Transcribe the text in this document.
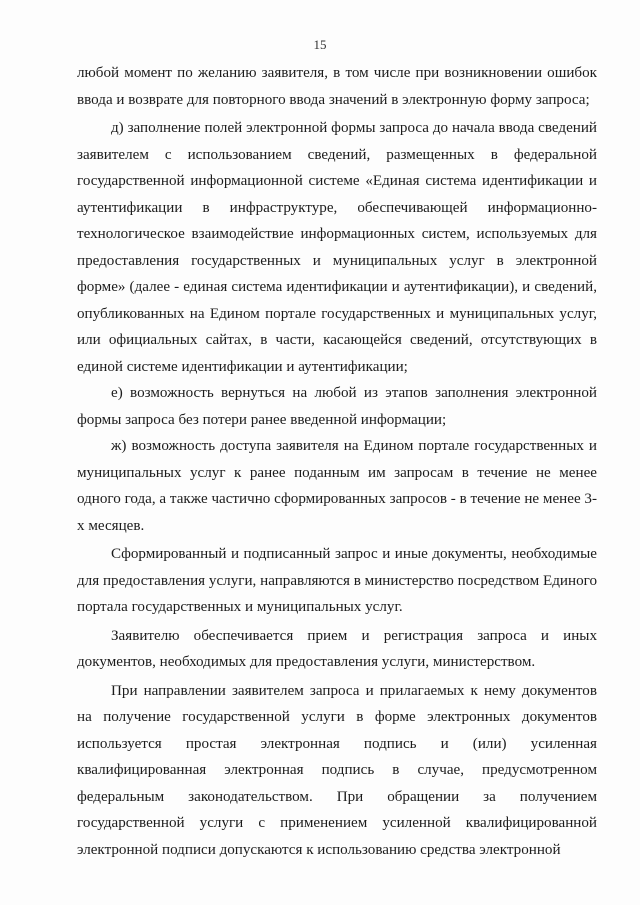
15

любой момент по желанию заявителя, в том числе при возникновении ошибок ввода и возврате для повторного ввода значений в электронную форму запроса;

д) заполнение полей электронной формы запроса до начала ввода сведений заявителем с использованием сведений, размещенных в федеральной государственной информационной системе «Единая система идентификации и аутентификации в инфраструктуре, обеспечивающей информационно-технологическое взаимодействие информационных систем, используемых для предоставления государственных и муниципальных услуг в электронной форме» (далее - единая система идентификации и аутентификации), и сведений, опубликованных на Едином портале государственных и муниципальных услуг, или официальных сайтах, в части, касающейся сведений, отсутствующих в единой системе идентификации и аутентификации;

е) возможность вернуться на любой из этапов заполнения электронной формы запроса без потери ранее введенной информации;

ж) возможность доступа заявителя на Едином портале государственных и муниципальных услуг к ранее поданным им запросам в течение не менее одного года, а также частично сформированных запросов - в течение не менее 3-х месяцев.

Сформированный и подписанный запрос и иные документы, необходимые для предоставления услуги, направляются в министерство посредством Единого портала государственных и муниципальных услуг.

Заявителю обеспечивается прием и регистрация запроса и иных документов, необходимых для предоставления услуги, министерством.

При направлении заявителем запроса и прилагаемых к нему документов на получение государственной услуги в форме электронных документов используется простая электронная подпись и (или) усиленная квалифицированная электронная подпись в случае, предусмотренном федеральным законодательством. При обращении за получением государственной услуги с применением усиленной квалифицированной электронной подписи допускаются к использованию средства электронной
